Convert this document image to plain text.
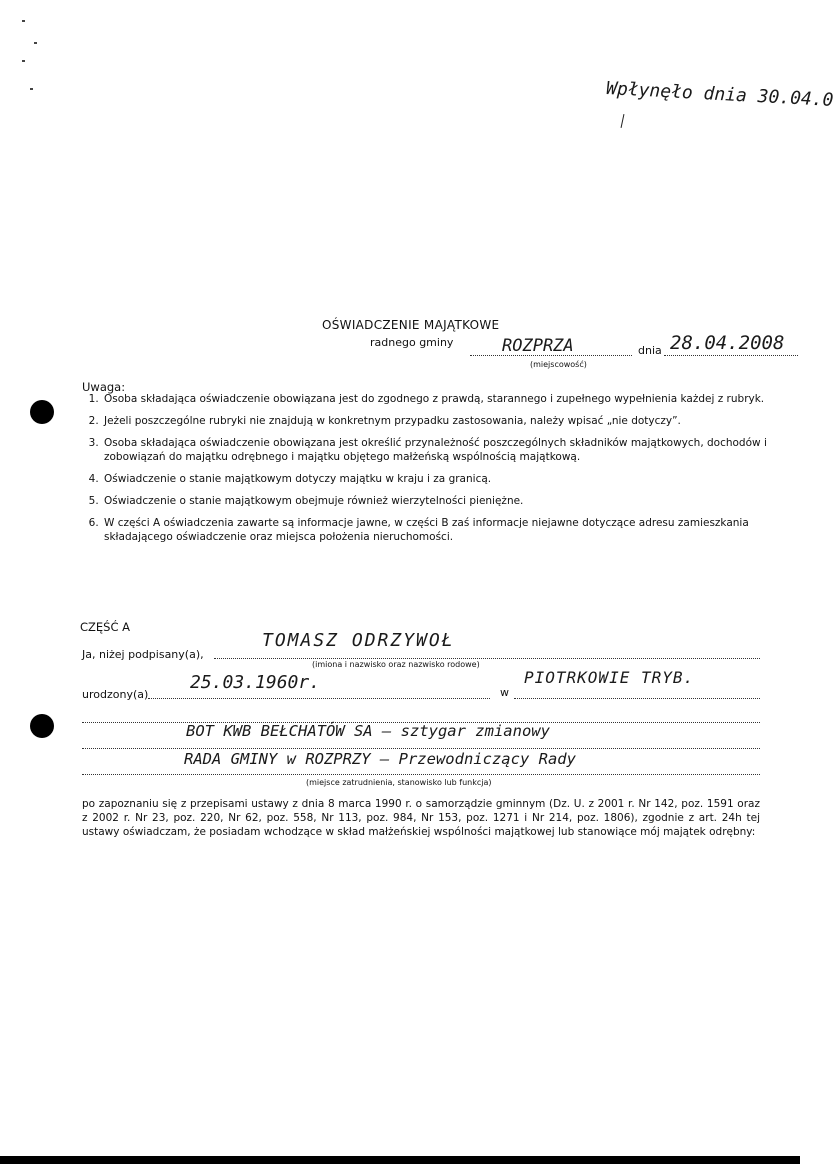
Wpłynęło dnia 30.04.0
OŚWIADCZENIE MAJĄTKOWE
radnego gminy	ROZPRZA	dnia 28.04.2008
(miejscowość)
Uwaga:
1. Osoba składająca oświadczenie obowiązana jest do zgodnego z prawdą, starannego i zupełnego wypełnienia każdej z rubryk.
2. Jeżeli poszczególne rubryki nie znajdują w konkretnym przypadku zastosowania, należy wpisać „nie dotyczy”.
3. Osoba składająca oświadczenie obowiązana jest określić przynależność poszczególnych składników majątkowych, dochodów i zobowiązań do majątku odrębnego i majątku objętego małżeńską wspólnością majątkową.
4. Oświadczenie o stanie majątkowym dotyczy majątku w kraju i za granicą.
5. Oświadczenie o stanie majątkowym obejmuje również wierzytelności pieniężne.
6. W części A oświadczenia zawarte są informacje jawne, w części B zaś informacje niejawne dotyczące adresu zamieszkania składającego oświadczenie oraz miejsca położenia nieruchomości.
CZĘŚĆ A
Ja, niżej podpisany(a),
TOMASZ ODRZYWOŁ
(imiona i nazwisko oraz nazwisko rodowe)
urodzony(a)
25.03.1960r.	w
PIOTRKOWIE TRYB.
BOT KWB BEŁCHATÓW SA – sztygar zmianowy
RADA GMINY w ROZPRZY – Przewodniczący Rady
(miejsce zatrudnienia, stanowisko lub funkcja)
po zapoznaniu się z przepisami ustawy z dnia 8 marca 1990 r. o samorządzie gminnym (Dz. U. z 2001 r. Nr 142, poz. 1591 oraz z 2002 r. Nr 23, poz. 220, Nr 62, poz. 558, Nr 113, poz. 984, Nr 153, poz. 1271 i Nr 214, poz. 1806), zgodnie z art. 24h tej ustawy oświadczam, że posiadam wchodzące w skład małżeńskiej wspólności majątkowej lub stanowiące mój majątek odrębny:
